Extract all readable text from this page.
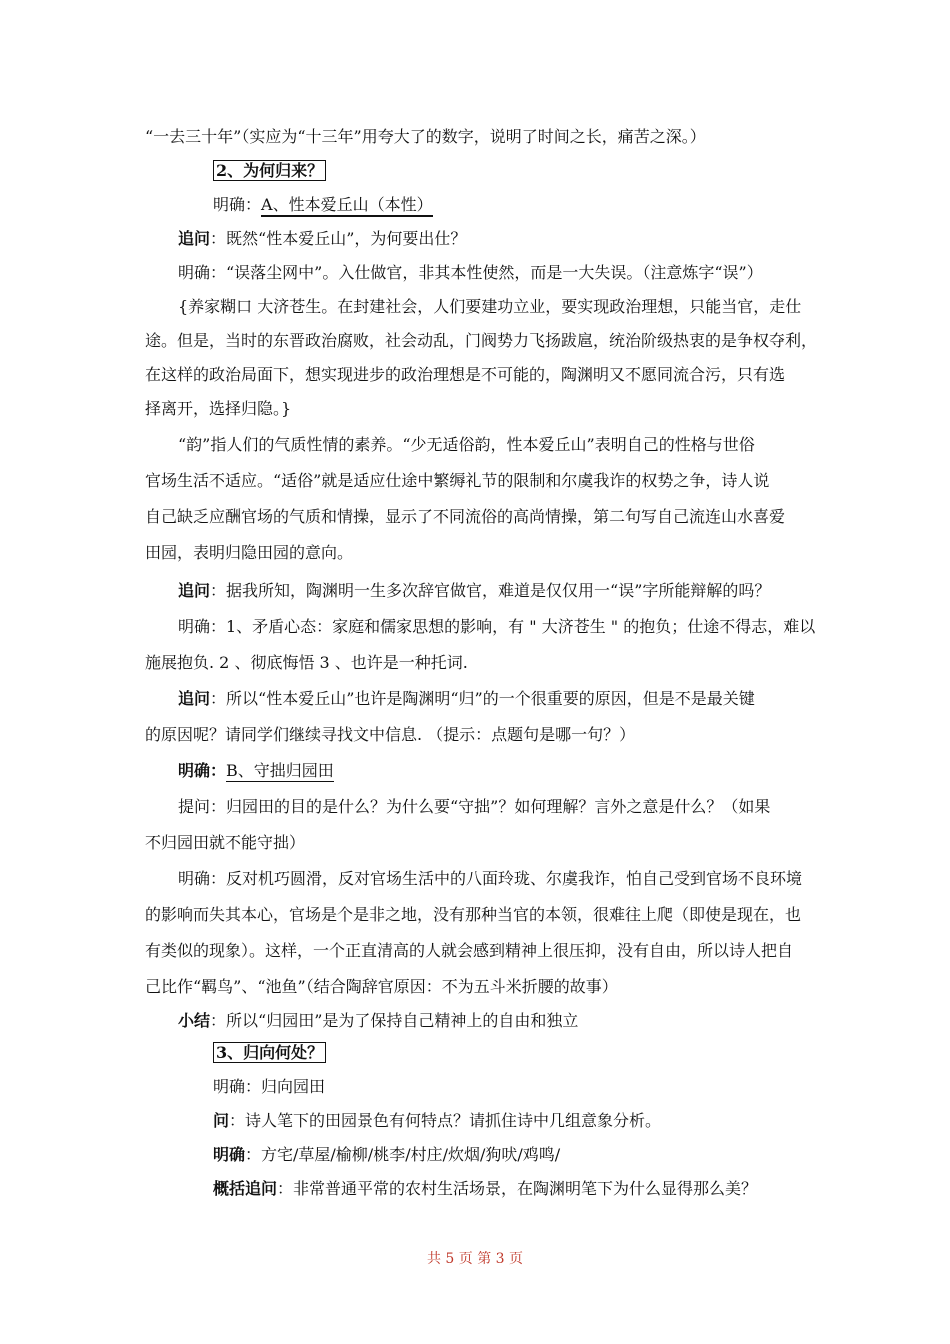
“一去三十年”（实应为“十三年”用夸大了的数字，说明了时间之长，痛苦之深。）
2、为何归来？
明确：A、性本爱丘山（本性）
追问：既然“性本爱丘山”，为何要出仕？
明确：“误落尘网中”。入仕做官，非其本性使然，而是一大失误。（注意炼字“误”）
{养家糊口 大济苍生。在封建社会，人们要建功立业，要实现政治理想，只能当官，走仕
途。但是，当时的东晋政治腐败，社会动乱，门阀势力飞扬跋扈，统治阶级热衷的是争权夺利，
在这样的政治局面下，想实现进步的政治理想是不可能的，陶渊明又不愿同流合污，只有选
择离开，选择归隐。}
“韵”指人们的气质性情的素养。“少无适俗韵，性本爱丘山”表明自己的性格与世俗
官场生活不适应。“适俗”就是适应仕途中繁缛礼节的限制和尔虞我诈的权势之争，诗人说
自己缺乏应酬官场的气质和情操，显示了不同流俗的高尚情操，第二句写自己流连山水喜爱
田园，表明归隐田园的意向。
追问：据我所知，陶渊明一生多次辞官做官，难道是仅仅用一“误”字所能辩解的吗？
明确：1、矛盾心态：家庭和儒家思想的影响，有 " 大济苍生 " 的抱负；仕途不得志，难以
施展抱负. 2 、彻底悔悟 3 、也许是一种托词.
追问：所以“性本爱丘山”也许是陶渊明“归”的一个很重要的原因，但是不是最关键
的原因呢？请同学们继续寻找文中信息. （提示：点题句是哪一句？）
明确：B、守拙归园田
提问：归园田的目的是什么？为什么要“守拙”？如何理解？言外之意是什么？（如果
不归园田就不能守拙）
明确：反对机巧圆滑，反对官场生活中的八面玲珑、尔虞我诈，怕自己受到官场不良环境
的影响而失其本心，官场是个是非之地，没有那种当官的本领，很难往上爬（即使是现在，也
有类似的现象）。这样，一个正直清高的人就会感到精神上很压抑，没有自由，所以诗人把自
己比作“羁鸟”、“池鱼”（结合陶辞官原因：不为五斗米折腰的故事）
小结：所以“归园田”是为了保持自己精神上的自由和独立
3、归向何处？
明确：归向园田
问：诗人笔下的田园景色有何特点？请抓住诗中几组意象分析。
明确：方宅/草屋/榆柳/桃李/村庄/炊烟/狗吠/鸡鸣/
概括追问：非常普通平常的农村生活场景，在陶渊明笔下为什么显得那么美？
共 5 页 第 3 页
